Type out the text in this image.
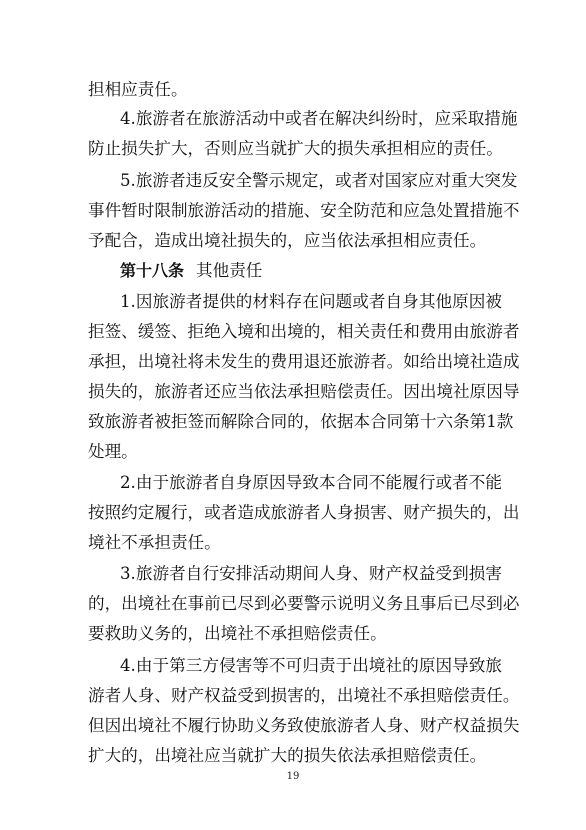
担相应责任。
4.旅游者在旅游活动中或者在解决纠纷时，应采取措施
防止损失扩大，否则应当就扩大的损失承担相应的责任。
5.旅游者违反安全警示规定，或者对国家应对重大突发
事件暂时限制旅游活动的措施、安全防范和应急处置措施不
予配合，造成出境社损失的，应当依法承担相应责任。
第十八条 其他责任
1.因旅游者提供的材料存在问题或者自身其他原因被
拒签、缓签、拒绝入境和出境的，相关责任和费用由旅游者
承担，出境社将未发生的费用退还旅游者。如给出境社造成
损失的，旅游者还应当依法承担赔偿责任。因出境社原因导
致旅游者被拒签而解除合同的，依据本合同第十六条第1款
处理。
2.由于旅游者自身原因导致本合同不能履行或者不能
按照约定履行，或者造成旅游者人身损害、财产损失的，出
境社不承担责任。
3.旅游者自行安排活动期间人身、财产权益受到损害
的，出境社在事前已尽到必要警示说明义务且事后已尽到必
要救助义务的，出境社不承担赔偿责任。
4.由于第三方侵害等不可归责于出境社的原因导致旅
游者人身、财产权益受到损害的，出境社不承担赔偿责任。
但因出境社不履行协助义务致使旅游者人身、财产权益损失
扩大的，出境社应当就扩大的损失依法承担赔偿责任。
19
